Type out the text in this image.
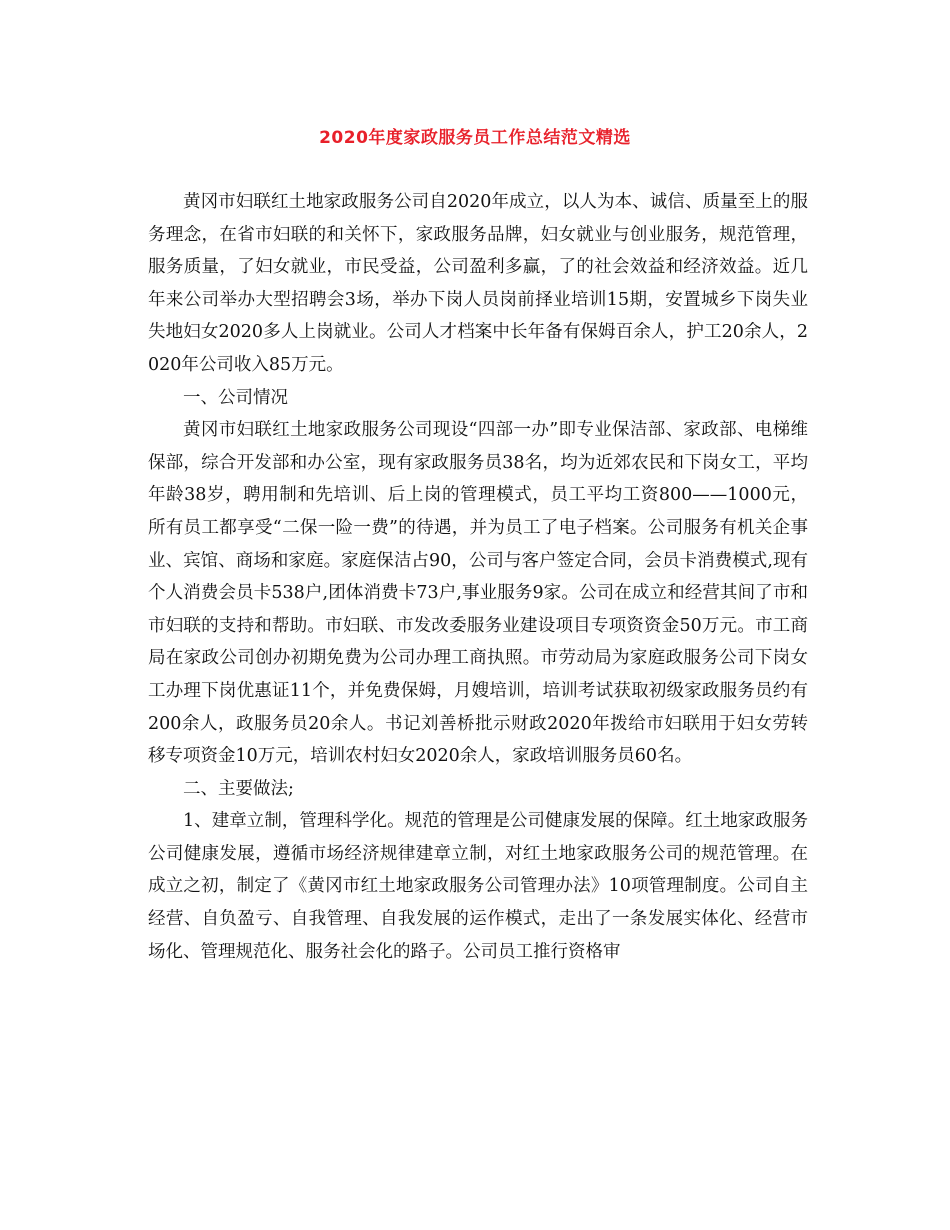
2020年度家政服务员工作总结范文精选

黄冈市妇联红土地家政服务公司自2020年成立，以人为本、诚信、质量至上的服务理念，在省市妇联的和关怀下，家政服务品牌，妇女就业与创业服务，规范管理，服务质量，了妇女就业，市民受益，公司盈利多赢，了的社会效益和经济效益。近几年来公司举办大型招聘会3场，举办下岗人员岗前择业培训15期，安置城乡下岗失业失地妇女2020多人上岗就业。公司人才档案中长年备有保姆百余人，护工20余人，2020年公司收入85万元。

一、公司情况

黄冈市妇联红土地家政服务公司现设“四部一办”即专业保洁部、家政部、电梯维保部，综合开发部和办公室，现有家政服务员38名，均为近郊农民和下岗女工，平均年龄38岁，聘用制和先培训、后上岗的管理模式，员工平均工资800——1000元，所有员工都享受“二保一险一费”的待遇，并为员工了电子档案。公司服务有机关企事业、宾馆、商场和家庭。家庭保洁占90，公司与客户签定合同，会员卡消费模式,现有个人消费会员卡538户,团体消费卡73户,事业服务9家。公司在成立和经营其间了市和市妇联的支持和帮助。市妇联、市发改委服务业建设项目专项资资金50万元。市工商局在家政公司创办初期免费为公司办理工商执照。市劳动局为家庭政服务公司下岗女工办理下岗优惠证11个，并免费保姆，月嫂培训，培训考试获取初级家政服务员约有200余人，政服务员20余人。书记刘善桥批示财政2020年拨给市妇联用于妇女劳转移专项资金10万元，培训农村妇女2020余人，家政培训服务员60名。

二、主要做法;

1、建章立制，管理科学化。规范的管理是公司健康发展的保障。红土地家政服务公司健康发展，遵循市场经济规律建章立制，对红土地家政服务公司的规范管理。在成立之初，制定了《黄冈市红土地家政服务公司管理办法》10项管理制度。公司自主经营、自负盈亏、自我管理、自我发展的运作模式，走出了一条发展实体化、经营市场化、管理规范化、服务社会化的路子。公司员工推行资格审
